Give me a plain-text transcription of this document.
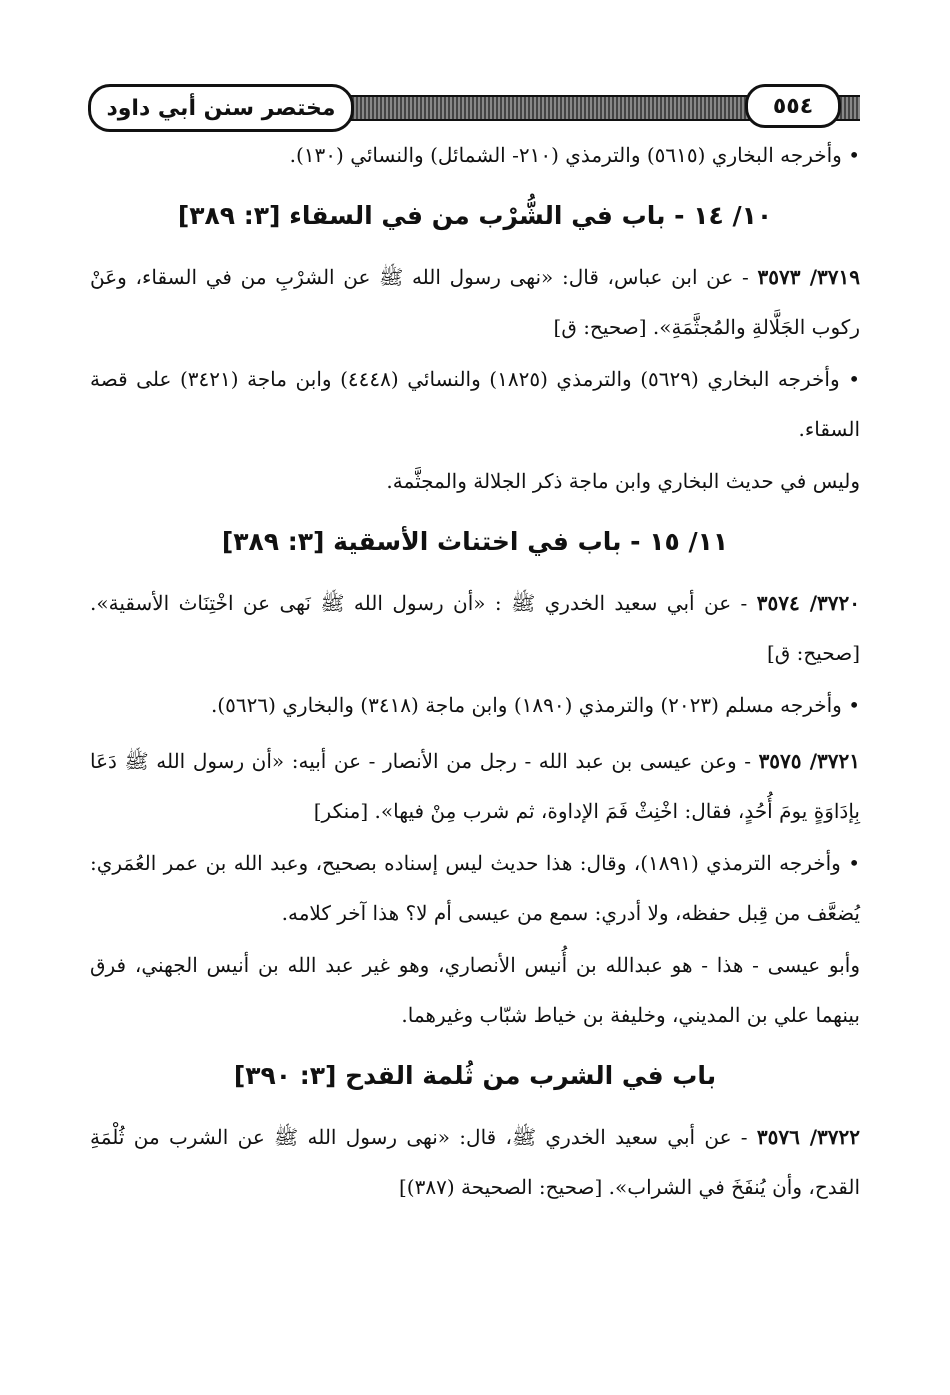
مختصر سنن أبي داود	٥٥٤

• وأخرجه البخاري (٥٦١٥) والترمذي (٢١٠- الشمائل) والنسائي (١٣٠).

١٠/ ١٤ - باب في الشُّرْب من في السقاء [٣: ٣٨٩]

٣٧١٩/ ٣٥٧٣ - عن ابن عباس، قال: «نهى رسول الله ﷺ عن الشرْبِ من في السقاء، وعَنْ ركوب الجَلَّالةِ والمُجثَّمَةِ». [صحيح: ق]

• وأخرجه البخاري (٥٦٢٩) والترمذي (١٨٢٥) والنسائي (٤٤٤٨) وابن ماجة (٣٤٢١) على قصة السقاء.

وليس في حديث البخاري وابن ماجة ذكر الجلالة والمجثَّمة.

١١/ ١٥ - باب في اختناث الأسقية [٣: ٣٨٩]

٣٧٢٠/ ٣٥٧٤ - عن أبي سعيد الخدري ﷺ : «أن رسول الله ﷺ نَهى عن اخْتِنَاث الأسقية». [صحيح: ق]

• وأخرجه مسلم (٢٠٢٣) والترمذي (١٨٩٠) وابن ماجة (٣٤١٨) والبخاري (٥٦٢٦).

٣٧٢١/ ٣٥٧٥ - وعن عيسى بن عبد الله - رجل من الأنصار - عن أبيه: «أن رسول الله ﷺ دَعَا بِإدَاوَةٍ يومَ أُحُدٍ، فقال: اخْنِثْ فَمَ الإداوة، ثم شرب مِنْ فيها». [منكر]

• وأخرجه الترمذي (١٨٩١)، وقال: هذا حديث ليس إسناده بصحيح، وعبد الله بن عمر العُمَري: يُضعَّف من قِبل حفظه، ولا أدري: سمع من عيسى أم لا؟ هذا آخر كلامه.

وأبو عيسى - هذا - هو عبدالله بن أُنيس الأنصاري، وهو غير عبد الله بن أنيس الجهني، فرق بينهما علي بن المديني، وخليفة بن خياط شبّاب وغيرهما.

باب في الشرب من ثُلمة القدح [٣: ٣٩٠]

٣٧٢٢/ ٣٥٧٦ - عن أبي سعيد الخدري ﷺ، قال: «نهى رسول الله ﷺ عن الشرب من ثُلْمَةِ القدح، وأن يُنفَخَ في الشراب». [صحيح: الصحيحة (٣٨٧)]
